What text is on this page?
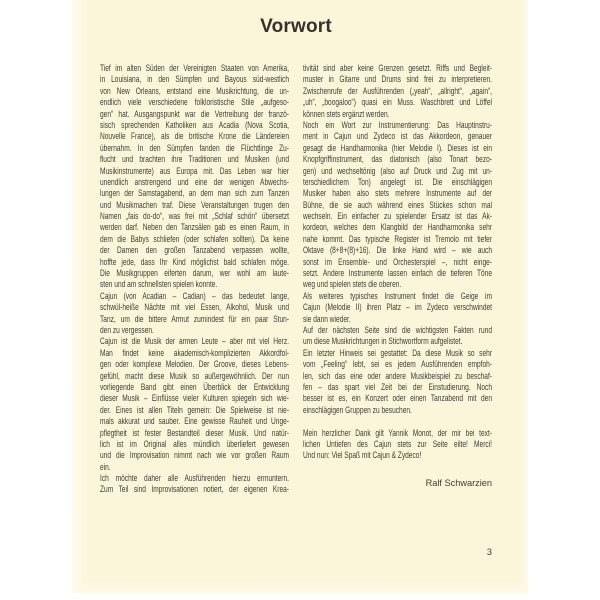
Vorwort
Tief im alten Süden der Vereinigten Staaten von Amerika,
in Louisiana, in den Sümpfen und Bayous süd-westlich
von New Orleans, entstand eine Musikrichtung, die un-
endlich viele verschiedene folkloristische Stile „aufgeso-
gen“ hat. Ausgangspunkt war die Vertreibung der franzö-
sisch sprechenden Katholiken aus Acadia (Nova Scotia,
Nouvelle France), als die britische Krone die Ländereien
übernahm. In den Sümpfen fanden die Flüchtlinge Zu-
flucht und brachten ihre Traditionen und Musiken (und
Musikinstrumente) aus Europa mit. Das Leben war hier
unendlich anstrengend und eine der wenigen Abwechs-
lungen der Samstagabend, an dem man sich zum Tanzen
und Musikmachen traf. Diese Veranstaltungen trugen den
Namen „fais do-do“, was frei mit „Schlaf schön“ übersetzt
werden darf. Neben den Tanzsälen gab es einen Raum, in
dem die Babys schliefen (oder schlafen sollten). Da keine
der Damen den großen Tanzabend verpassen wollte,
hoffte jede, dass Ihr Kind möglichst bald schlafen möge.
Die Musikgruppen eiferten darum, wer wohl am laute-
sten und am schnellsten spielen konnte.
Cajun (von Acadian – Cadian) – das bedeutet lange,
schwül-heiße Nächte mit viel Essen, Alkohol, Musik und
Tanz, um die bittere Armut zumindest für ein paar Stun-
den zu vergessen.
Cajun ist die Musik der armen Leute – aber mit viel Herz.
Man findet keine akademisch-komplizierten Akkordfol-
gen oder komplexe Melodien. Der Groove, dieses Lebens-
gefühl, macht diese Musik so außergewöhnlich. Der nun
vorliegende Band gibt einen Überblick der Entwicklung
dieser Musik – Einflüsse vieler Kulturen spiegeln sich wie-
der. Eines ist allen Titeln gemein: Die Spielweise ist nie-
mals akkurat und sauber. Eine gewisse Rauheit und Unge-
pflegtheit ist fester Bestandteil dieser Musik. Und natür-
lich ist im Original alles mündlich überliefert gewesen
und die Improvisation nimmt nach wie vor großen Raum
ein.
Ich möchte daher alle Ausführenden hierzu ermuntern.
Zum Teil sind Improvisationen notiert, der eigenen Krea-
tivität sind aber keine Grenzen gesetzt. Riffs und Begleit-
muster in Gitarre und Drums sind frei zu interpretieren.
Zwischenrufe der Ausführenden („yeah“, „allright“, „again“,
„uh“, „boogaloo“) quasi ein Muss. Waschbrett und Löffel
können stets ergänzt werden.
Noch ein Wort zur Instrumentierung: Das Hauptinstru-
ment in Cajun und Zydeco ist das Akkordeon, genauer
gesagt die Handharmonika (hier Melodie I). Dieses ist ein
Knopfgriffinstrument, das diatonisch (also Tonart bezo-
gen) und wechseltönig (also auf Druck und Zug mit un-
terschiedlichem Ton) angelegt ist. Die einschlägigen
Musiker haben also stets mehrere Instrumente auf der
Bühne, die sie auch während eines Stückes schon mal
wechseln. Ein einfacher zu spielender Ersatz ist das Ak-
kordeon, welches dem Klangbild der Handharmonika sehr
nahe kommt. Das typische Register ist Tremolo mit tiefer
Oktave (8+8+(8)+16). Die linke Hand wird – wie auch
sonst im Ensemble- und Orchesterspiel –, nicht einge-
setzt. Andere Instrumente lassen einfach die tieferen Töne
weg und spielen stets die oberen.
Als weiteres typisches Instrument findet die Geige im
Cajun (Melodie II) ihren Platz – im Zydeco verschwindet
sie dann wieder.
Auf der nächsten Seite sind die wichtigsten Fakten rund
um diese Musikrichtungen in Stichwortform aufgelistet.
Ein letzter Hinweis sei gestattet: Da diese Musik so sehr
vom „Feeling“ lebt, sei es jedem Ausführenden empfoh-
len, sich das eine oder andere Musikbeispiel zu beschaf-
fen – das spart viel Zeit bei der Einstudierung. Noch
besser ist es, ein Konzert oder einen Tanzabend mit den
einschlägigen Gruppen zu besuchen.
Mein herzlicher Dank gilt Yannik Monot, der mir bei text-
lichen Untiefen des Cajun stets zur Seite eilte! Merci!
Und nun: Viel Spaß mit Cajun & Zydeco!
Ralf Schwarzien
3
